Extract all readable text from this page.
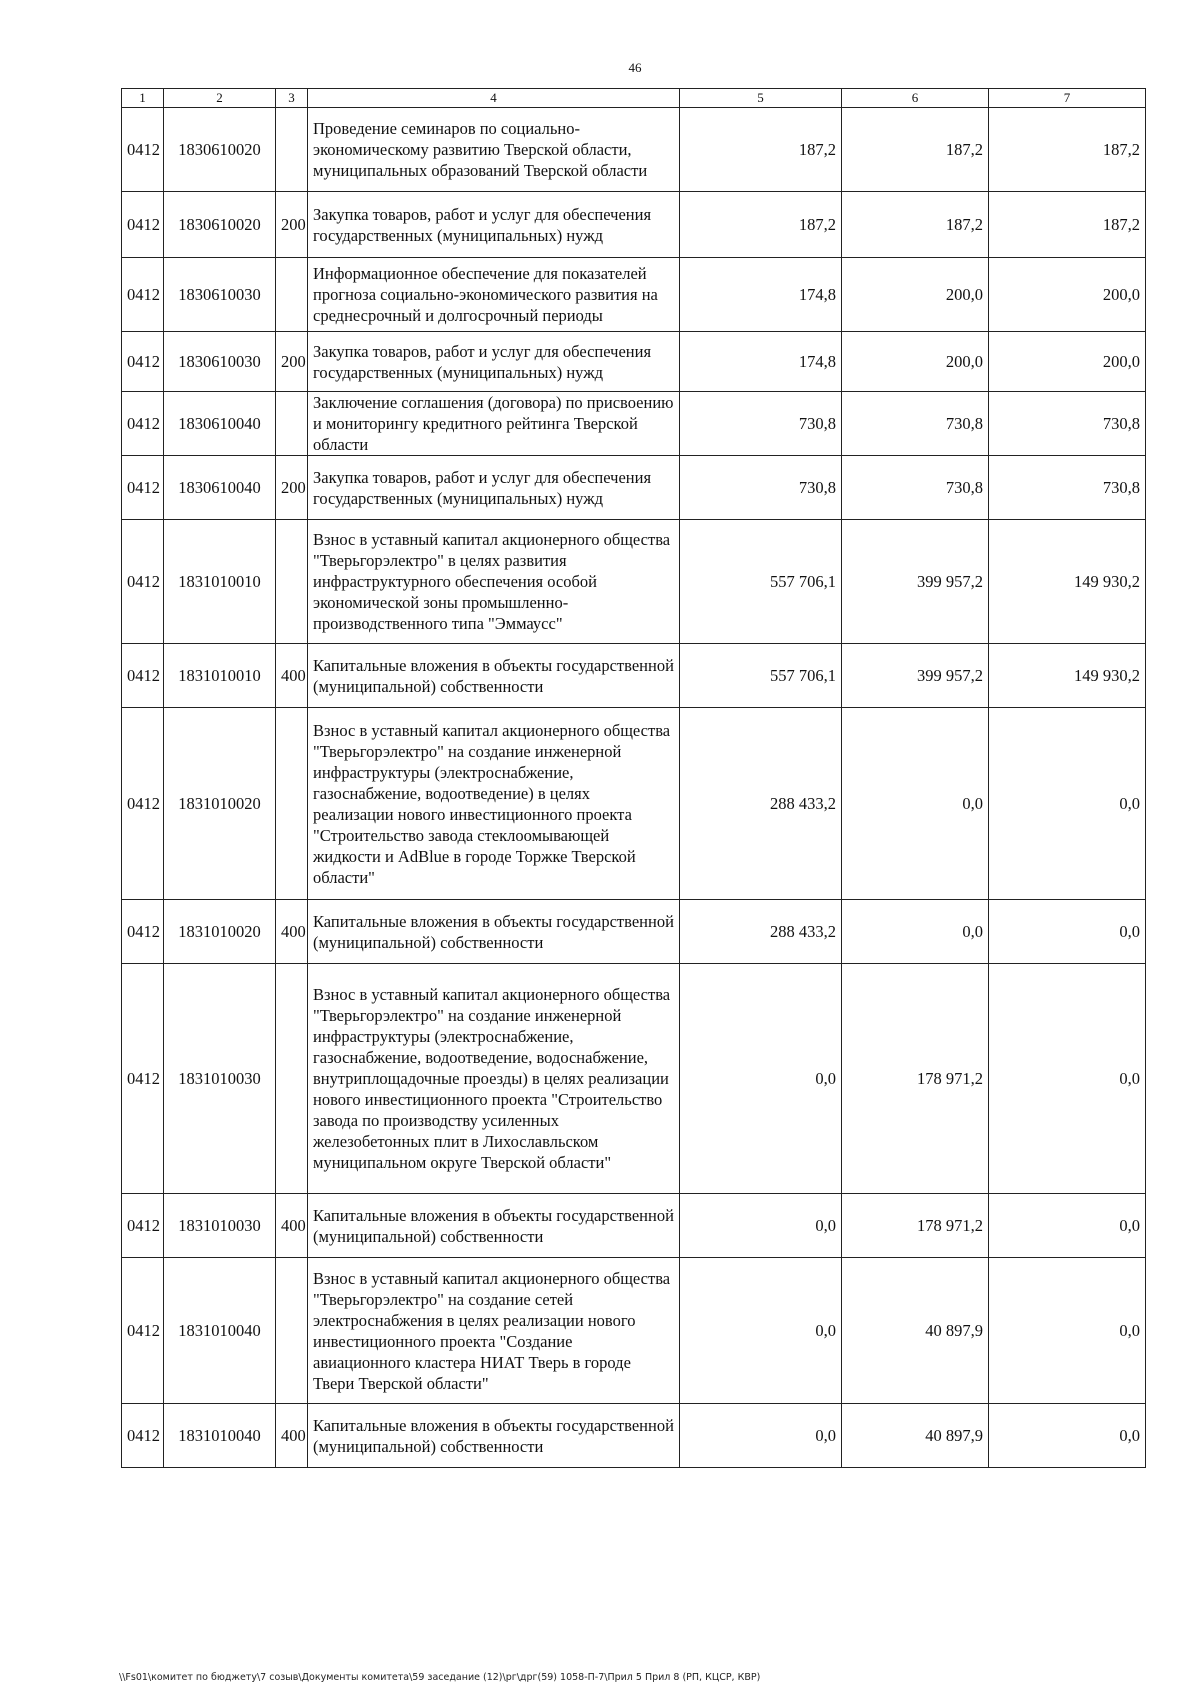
46
1	2	3	4	5	6	7
0412	1830610020		Проведение семинаров по социально-экономическому развитию Тверской области, муниципальных образований Тверской области	187,2	187,2	187,2
0412	1830610020	200	Закупка товаров, работ и услуг для обеспечения государственных (муниципальных) нужд	187,2	187,2	187,2
0412	1830610030		Информационное обеспечение для показателей прогноза социально-экономического развития на среднесрочный и долгосрочный периоды	174,8	200,0	200,0
0412	1830610030	200	Закупка товаров, работ и услуг для обеспечения государственных (муниципальных) нужд	174,8	200,0	200,0
0412	1830610040		Заключение соглашения (договора) по присвоению и мониторингу кредитного рейтинга Тверской области	730,8	730,8	730,8
0412	1830610040	200	Закупка товаров, работ и услуг для обеспечения государственных (муниципальных) нужд	730,8	730,8	730,8
0412	1831010010		Взнос в уставный капитал акционерного общества "Тверьгорэлектро" в целях развития инфраструктурного обеспечения особой экономической зоны промышленно-производственного типа "Эммаусс"	557 706,1	399 957,2	149 930,2
0412	1831010010	400	Капитальные вложения в объекты государственной (муниципальной) собственности	557 706,1	399 957,2	149 930,2
0412	1831010020		Взнос в уставный капитал акционерного общества "Тверьгорэлектро" на создание инженерной инфраструктуры (электроснабжение, газоснабжение, водоотведение) в целях реализации нового инвестиционного проекта "Строительство завода стеклоомывающей жидкости и AdBlue в городе Торжке Тверской области"	288 433,2	0,0	0,0
0412	1831010020	400	Капитальные вложения в объекты государственной (муниципальной) собственности	288 433,2	0,0	0,0
0412	1831010030		Взнос в уставный капитал акционерного общества "Тверьгорэлектро" на создание инженерной инфраструктуры (электроснабжение, газоснабжение, водоотведение, водоснабжение, внутриплощадочные проезды) в целях реализации нового инвестиционного проекта "Строительство завода по производству усиленных железобетонных плит в Лихославльском муниципальном округе Тверской области"	0,0	178 971,2	0,0
0412	1831010030	400	Капитальные вложения в объекты государственной (муниципальной) собственности	0,0	178 971,2	0,0
0412	1831010040		Взнос в уставный капитал акционерного общества "Тверьгорэлектро" на создание сетей электроснабжения в целях реализации нового инвестиционного проекта "Создание авиационного кластера НИАТ Тверь в городе Твери Тверской области"	0,0	40 897,9	0,0
0412	1831010040	400	Капитальные вложения в объекты государственной (муниципальной) собственности	0,0	40 897,9	0,0
\\Fs01\комитет по бюджету\7 созыв\Документы комитета\59 заседание (12)\рг\дрг(59) 1058-П-7\Прил 5 Прил 8 (РП, КЦСР, КВР)
